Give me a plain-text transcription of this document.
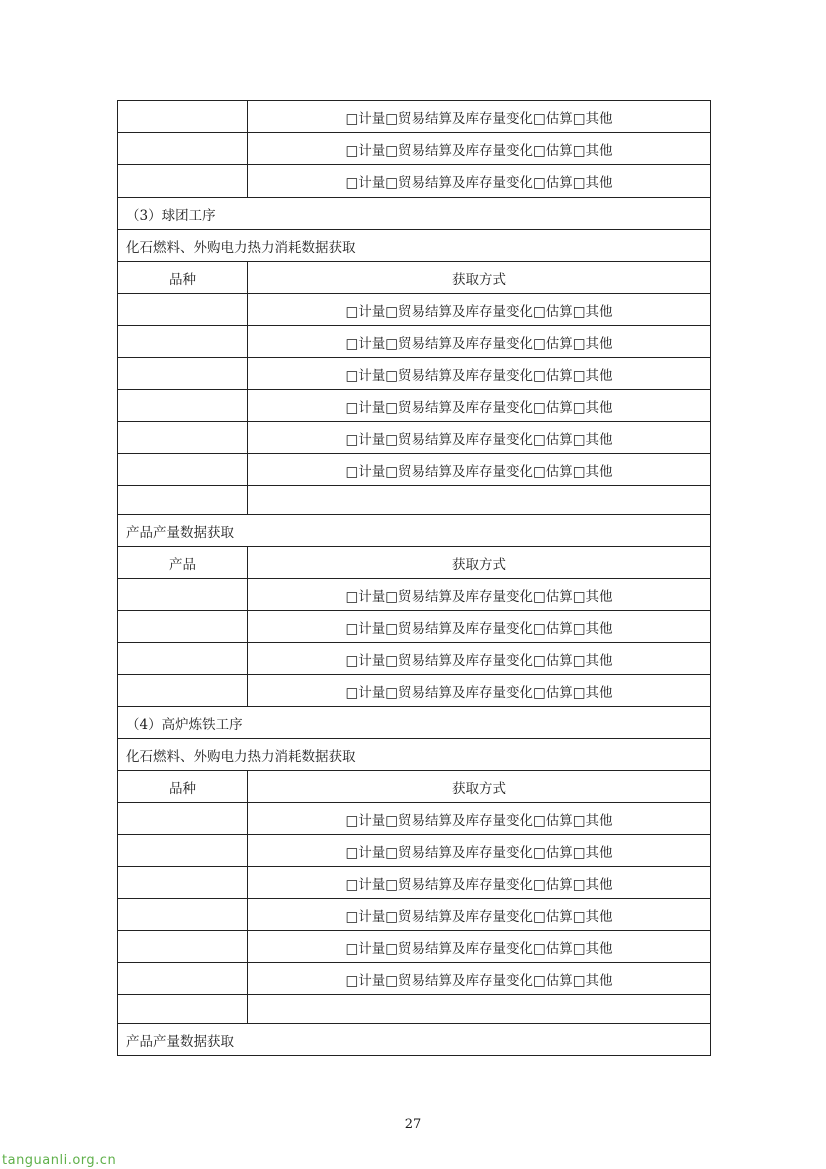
	□计量□贸易结算及库存量变化□估算□其他
	□计量□贸易结算及库存量变化□估算□其他
	□计量□贸易结算及库存量变化□估算□其他
（3）球团工序	
化石燃料、外购电力热力消耗数据获取	
品种	获取方式
	□计量□贸易结算及库存量变化□估算□其他
	□计量□贸易结算及库存量变化□估算□其他
	□计量□贸易结算及库存量变化□估算□其他
	□计量□贸易结算及库存量变化□估算□其他
	□计量□贸易结算及库存量变化□估算□其他
	□计量□贸易结算及库存量变化□估算□其他

产品产量数据获取	
产品	获取方式
	□计量□贸易结算及库存量变化□估算□其他
	□计量□贸易结算及库存量变化□估算□其他
	□计量□贸易结算及库存量变化□估算□其他
	□计量□贸易结算及库存量变化□估算□其他
（4）高炉炼铁工序	
化石燃料、外购电力热力消耗数据获取	
品种	获取方式
	□计量□贸易结算及库存量变化□估算□其他
	□计量□贸易结算及库存量变化□估算□其他
	□计量□贸易结算及库存量变化□估算□其他
	□计量□贸易结算及库存量变化□估算□其他
	□计量□贸易结算及库存量变化□估算□其他
	□计量□贸易结算及库存量变化□估算□其他

产品产量数据获取	
27
tanguanli.org.cn
